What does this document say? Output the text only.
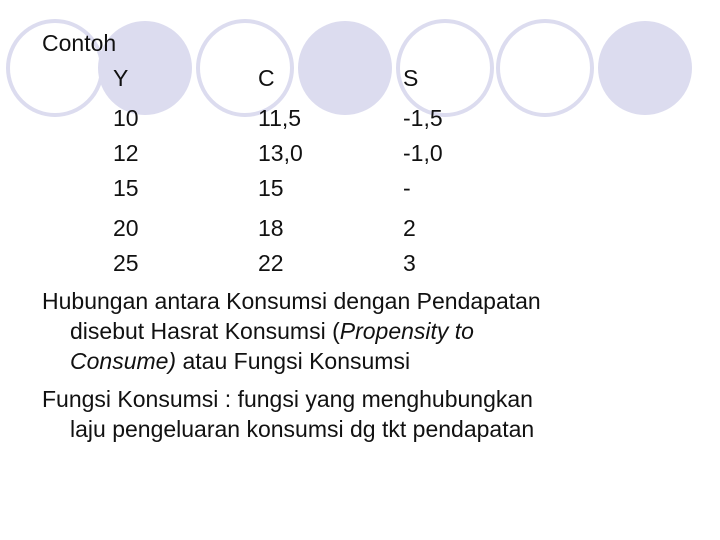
Contoh
Y	C	S
10	11,5	-1,5
12	13,0	-1,0
15	15	-
20	18	2
25	22	3
Hubungan antara Konsumsi dengan Pendapatan
disebut Hasrat Konsumsi (Propensity to
Consume) atau Fungsi Konsumsi
Fungsi Konsumsi : fungsi yang menghubungkan
laju pengeluaran konsumsi dg tkt pendapatan
